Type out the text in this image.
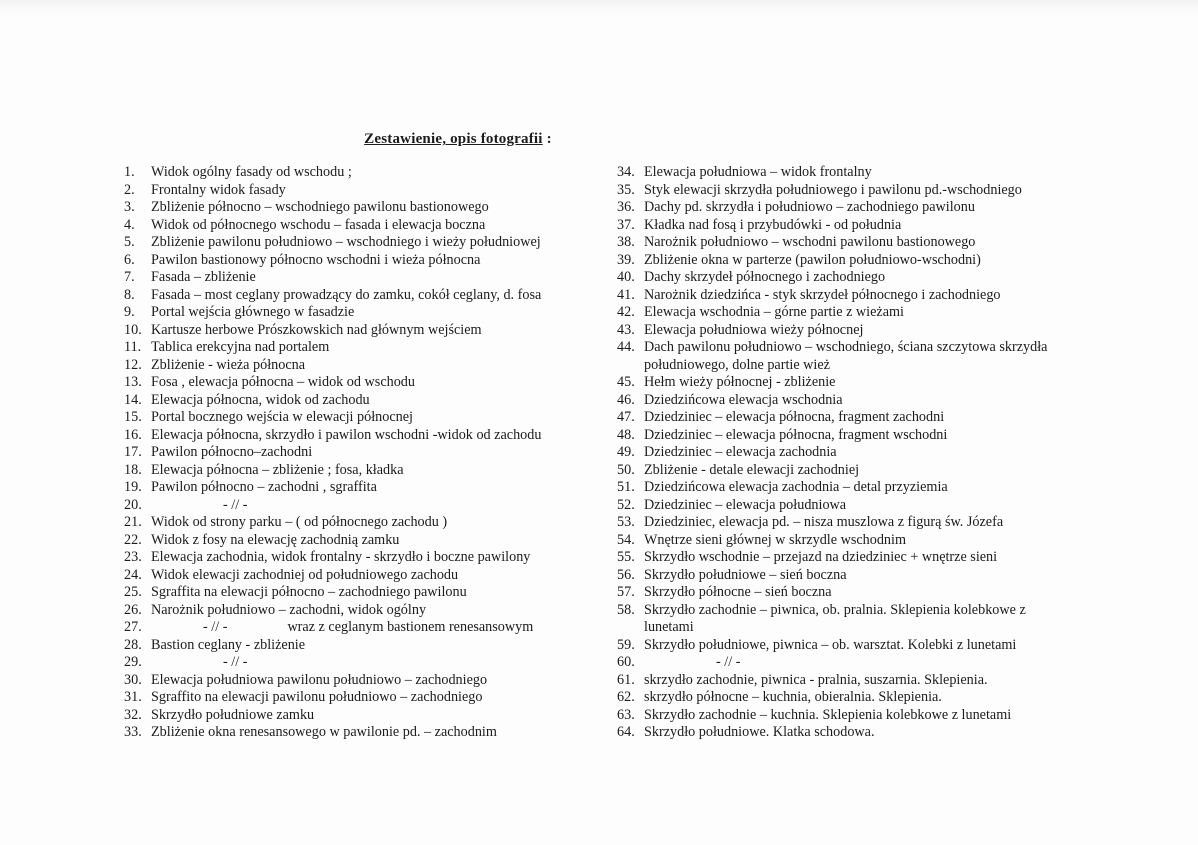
Zestawienie, opis fotografii :
1.	Widok ogólny fasady od wschodu ;
2.	Frontalny widok fasady
3.	Zbliżenie północno – wschodniego pawilonu bastionowego
4.	Widok od północnego wschodu – fasada i elewacja boczna
5.	Zbliżenie pawilonu południowo – wschodniego i wieży południowej
6.	Pawilon bastionowy północno wschodni i wieża północna
7.	Fasada – zbliżenie
8.	Fasada – most ceglany prowadzący do zamku, cokół ceglany, d. fosa
9.	Portal wejścia głównego w fasadzie
10. Kartusze herbowe Prószkowskich nad głównym wejściem
11. Tablica erekcyjna nad portalem
12. Zbliżenie - wieża północna
13. Fosa , elewacja północna – widok od wschodu
14. Elewacja północna, widok od zachodu
15. Portal bocznego wejścia w elewacji północnej
16. Elewacja północna, skrzydło i pawilon wschodni -widok od zachodu
17. Pawilon północno–zachodni
18. Elewacja północna – zbliżenie ; fosa, kładka
19. Pawilon północno – zachodni , sgraffita
20.	- // -
21. Widok od strony parku – ( od północnego zachodu )
22. Widok z fosy na elewację zachodnią zamku
23. Elewacja zachodnia, widok frontalny - skrzydło i boczne pawilony
24. Widok elewacji zachodniej od południowego zachodu
25. Sgraffita na elewacji północno – zachodniego pawilonu
26. Narożnik południowo – zachodni, widok ogólny
27.	- // -	wraz z ceglanym bastionem renesansowym
28. Bastion ceglany - zbliżenie
29.	- // -
30. Elewacja południowa pawilonu południowo – zachodniego
31. Sgraffito na elewacji pawilonu południowo – zachodniego
32. Skrzydło południowe zamku
33. Zbliżenie okna renesansowego w pawilonie pd. – zachodnim
34. Elewacja południowa – widok frontalny
35. Styk elewacji skrzydła południowego i pawilonu pd.-wschodniego
36. Dachy pd. skrzydła i południowo – zachodniego pawilonu
37. Kładka nad fosą i przybudówki - od południa
38. Narożnik południowo – wschodni pawilonu bastionowego
39. Zbliżenie okna w parterze (pawilon południowo-wschodni)
40. Dachy skrzydeł północnego i zachodniego
41. Narożnik dziedzińca - styk skrzydeł północnego i zachodniego
42. Elewacja wschodnia – górne partie z wieżami
43. Elewacja południowa wieży północnej
44. Dach pawilonu południowo – wschodniego, ściana szczytowa skrzydła południowego, dolne partie wież
45. Hełm wieży północnej - zbliżenie
46. Dziedzińcowa elewacja wschodnia
47. Dziedziniec – elewacja północna, fragment zachodni
48. Dziedziniec – elewacja północna, fragment wschodni
49. Dziedziniec – elewacja zachodnia
50. Zbliżenie - detale elewacji zachodniej
51. Dziedzińcowa elewacja zachodnia – detal przyziemia
52. Dziedziniec – elewacja południowa
53. Dziedziniec, elewacja pd. – nisza muszlowa z figurą św. Józefa
54. Wnętrze sieni głównej w skrzydle wschodnim
55. Skrzydło wschodnie – przejazd na dziedziniec + wnętrze sieni
56. Skrzydło południowe – sień boczna
57. Skrzydło północne – sień boczna
58. Skrzydło zachodnie – piwnica, ob. pralnia. Sklepienia kolebkowe z lunetami
59. Skrzydło południowe, piwnica – ob. warsztat. Kolebki z lunetami
60.	- // -
61. skrzydło zachodnie, piwnica - pralnia, suszarnia. Sklepienia.
62. skrzydło północne – kuchnia, obieralnia. Sklepienia.
63. Skrzydło zachodnie – kuchnia. Sklepienia kolebkowe z lunetami
64. Skrzydło południowe. Klatka schodowa.
